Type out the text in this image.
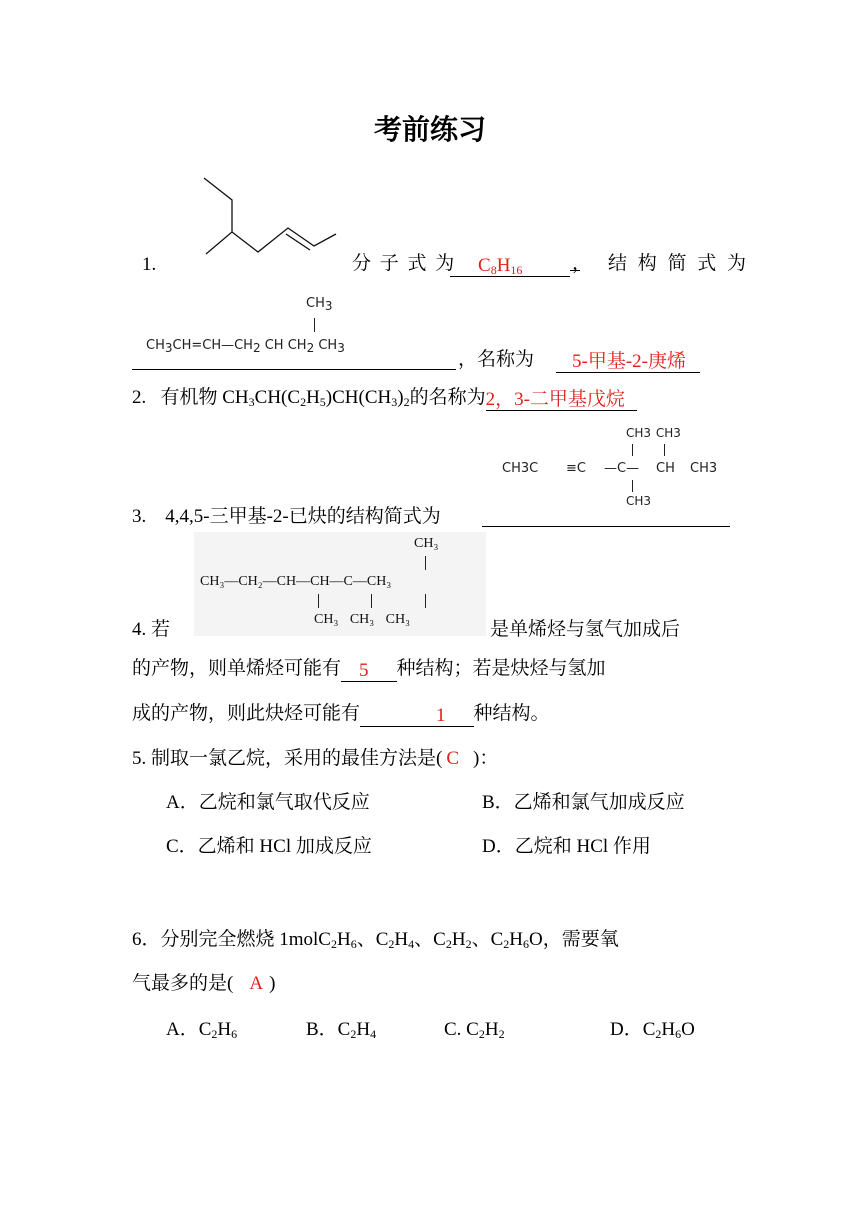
考前练习
1.	分 子 式 为	$C_8H_{16}$	， 结 构 简 式 为
$CH_3$
$CH_3CH=CH—CH_2$ CH $CH_2$ $CH_3$
，名称为	5-甲基-2-庚烯
2. 有机物 $CH_3CH(C_2H_5)CH(CH_3)_2$的名称为2，3-二甲基戊烷
CH3 CH3
CH3C ≡C —C— CH CH3
CH3
3.　4,4,5-三甲基-2-已炔的结构简式为
CH₃
CH₃—CH₂—CH—CH—C—CH₃
CH₃ CH₃ CH₃
4. 若	是单烯烃与氢气加成后
的产物，则单烯烃可能有 5 种结构；若是炔烃与氢加
成的产物，则此炔烃可能有	1 种结构。
5. 制取一氯乙烷，采用的最佳方法是( C )：
A．乙烷和氯气取代反应	B．乙烯和氯气加成反应
C．乙烯和 HCl 加成反应	D．乙烷和 HCl 作用
6．分别完全燃烧 $1molC_2H_6$、$C_2H_4$、$C_2H_2$、$C_2H_6O$，需要氧
气最多的是( A )
A．$C_2H_6$	B．$C_2H_4$	C. $C_2H_2$	D．$C_2H_6O$
